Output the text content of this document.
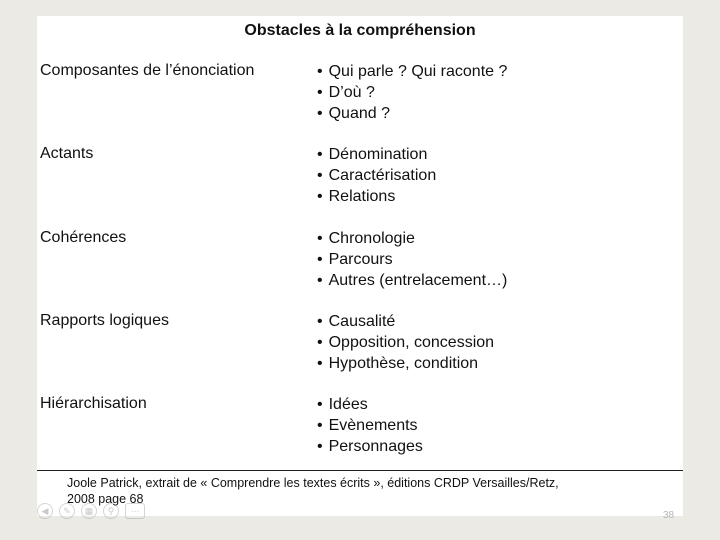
Obstacles à la compréhension
Composantes de l’énonciation	• Qui parle ? Qui raconte ?
• D’où ?
• Quand ?
Actants	• Dénomination
• Caractérisation
• Relations
Cohérences	• Chronologie
• Parcours
• Autres (entrelacement…)
Rapports logiques	• Causalité
• Opposition, concession
• Hypothèse, condition
Hiérarchisation	• Idées
• Evènements
• Personnages
Joole Patrick, extrait de « Comprendre les textes écrits », éditions CRDP Versailles/Retz,
2008 page 68
◀	✎	▦	⚲	⋯	38
